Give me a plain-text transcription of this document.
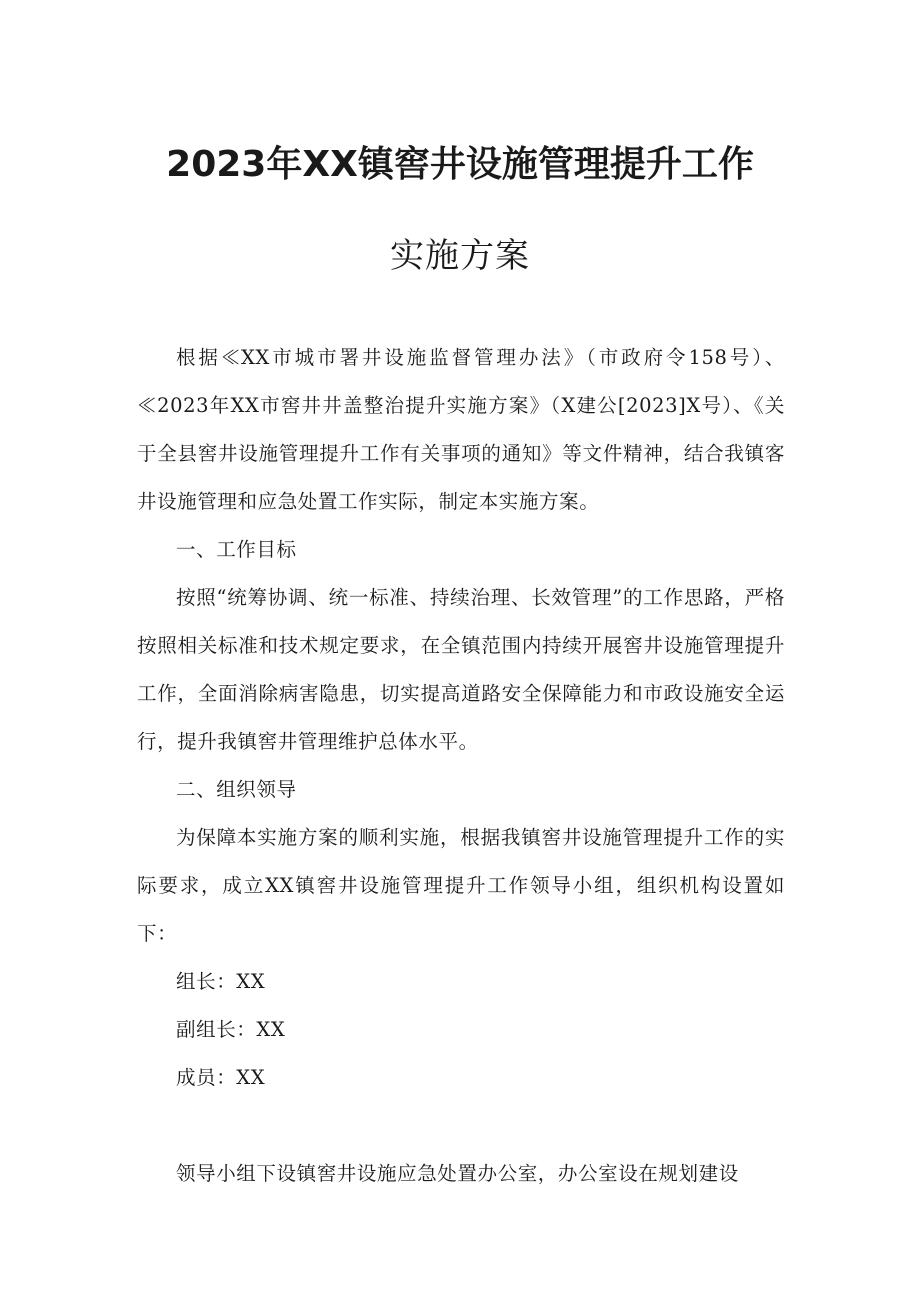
2023年XX镇窖井设施管理提升工作
实施方案

根据≪XX市城市署井设施监督管理办法》（市政府令158号）、≪2023年XX市窖井井盖整治提升实施方案》（X建公[2023]X号）、《关于全县窖井设施管理提升工作有关事项的通知》等文件精神，结合我镇客井设施管理和应急处置工作实际，制定本实施方案。

一、工作目标

按照“统筹协调、统一标准、持续治理、长效管理”的工作思路，严格按照相关标准和技术规定要求，在全镇范围内持续开展窖井设施管理提升工作，全面消除病害隐患，切实提高道路安全保障能力和市政设施安全运行，提升我镇窖井管理维护总体水平。

二、组织领导

为保障本实施方案的顺利实施，根据我镇窖井设施管理提升工作的实际要求，成立XX镇窖井设施管理提升工作领导小组，组织机构设置如下：

组长：XX

副组长：XX

成员：XX

领导小组下设镇窖井设施应急处置办公室，办公室设在规划建设
